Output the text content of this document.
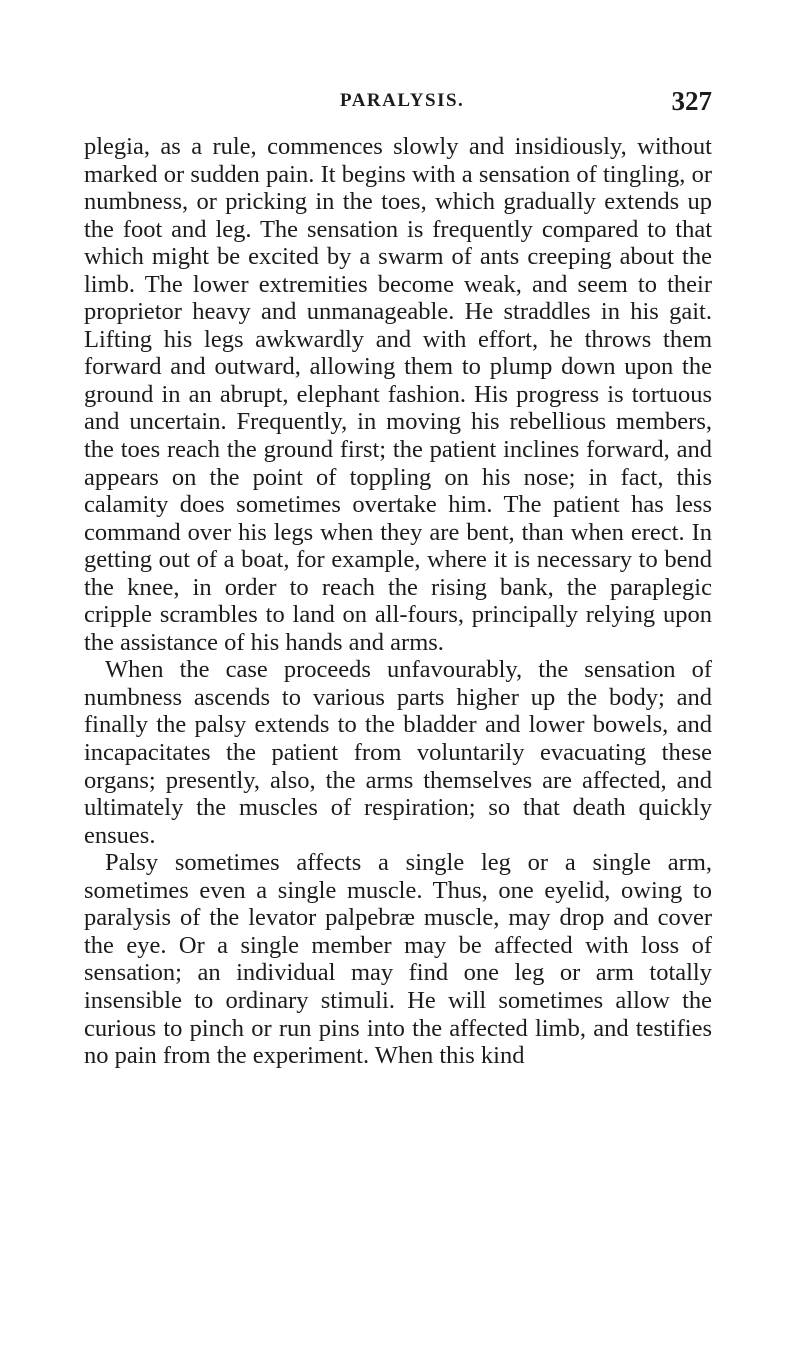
PARALYSIS.	327

plegia, as a rule, commences slowly and insidiously, without marked or sudden pain. It begins with a sensation of tingling, or numbness, or pricking in the toes, which gradually extends up the foot and leg. The sensation is frequently compared to that which might be excited by a swarm of ants creeping about the limb. The lower extremities become weak, and seem to their proprietor heavy and unmanageable. He straddles in his gait. Lifting his legs awkwardly and with effort, he throws them forward and outward, allowing them to plump down upon the ground in an abrupt, elephant fashion. His progress is tortuous and uncertain. Frequently, in moving his rebellious members, the toes reach the ground first; the patient inclines forward, and appears on the point of toppling on his nose; in fact, this calamity does sometimes overtake him. The patient has less command over his legs when they are bent, than when erect. In getting out of a boat, for example, where it is necessary to bend the knee, in order to reach the rising bank, the paraplegic cripple scrambles to land on all-fours, principally relying upon the assistance of his hands and arms.

When the case proceeds unfavourably, the sensation of numbness ascends to various parts higher up the body; and finally the palsy extends to the bladder and lower bowels, and incapacitates the patient from voluntarily evacuating these organs; presently, also, the arms themselves are affected, and ultimately the muscles of respiration; so that death quickly ensues.

Palsy sometimes affects a single leg or a single arm, sometimes even a single muscle. Thus, one eyelid, owing to paralysis of the levator palpebræ muscle, may drop and cover the eye. Or a single member may be affected with loss of sensation; an individual may find one leg or arm totally insensible to ordinary stimuli. He will sometimes allow the curious to pinch or run pins into the affected limb, and testifies no pain from the experiment. When this kind
